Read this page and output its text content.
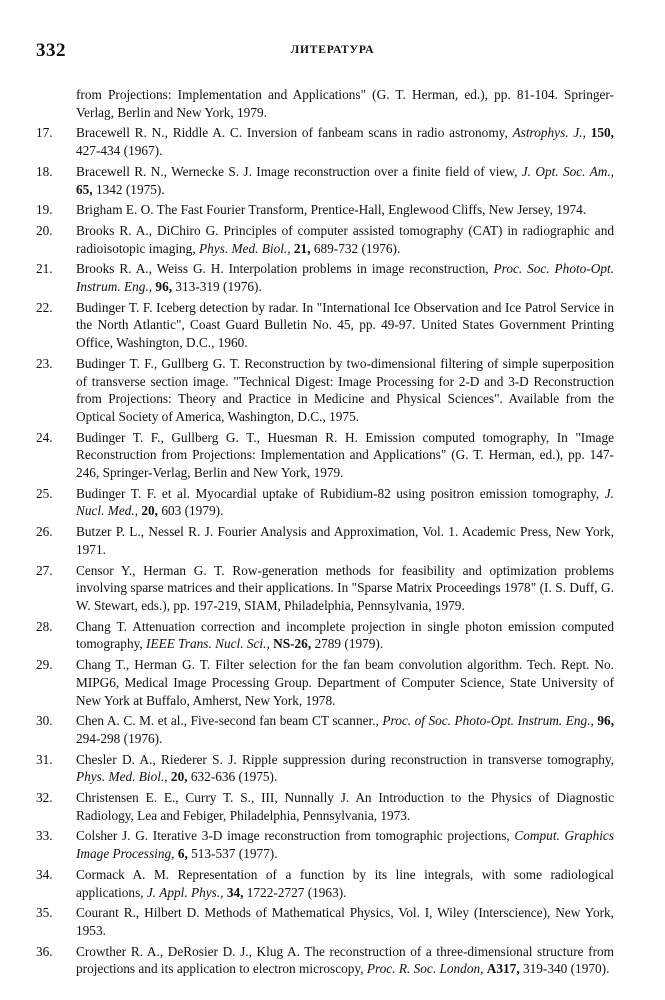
332	ЛИТЕРАТУРА
from Projections: Implementation and Applications" (G. T. Herman, ed.), pp. 81-104. Springer-Verlag, Berlin and New York, 1979.
17.	Bracewell R. N., Riddle A. C. Inversion of fanbeam scans in radio astronomy, Astrophys. J., 150, 427-434 (1967).
18.	Bracewell R. N., Wernecke S. J. Image reconstruction over a finite field of view, J. Opt. Soc. Am., 65, 1342 (1975).
19.	Brigham E. O. The Fast Fourier Transform, Prentice-Hall, Englewood Cliffs, New Jersey, 1974.
20.	Brooks R. A., DiChiro G. Principles of computer assisted tomography (CAT) in radiographic and radioisotopic imaging, Phys. Med. Biol., 21, 689-732 (1976).
21.	Brooks R. A., Weiss G. H. Interpolation problems in image reconstruction, Proc. Soc. Photo-Opt. Instrum. Eng., 96, 313-319 (1976).
22.	Budinger T. F. Iceberg detection by radar. In "International Ice Observation and Ice Patrol Service in the North Atlantic", Coast Guard Bulletin No. 45, pp. 49-97. United States Government Printing Office, Washington, D.C., 1960.
23.	Budinger T. F., Gullberg G. T. Reconstruction by two-dimensional filtering of simple superposition of transverse section image. "Technical Digest: Image Processing for 2-D and 3-D Reconstruction from Projections: Theory and Practice in Medicine and Physical Sciences". Available from the Optical Society of America, Washington, D.C., 1975.
24.	Budinger T. F., Gullberg G. T., Huesman R. H. Emission computed tomography, In "Image Reconstruction from Projections: Implementation and Applications" (G. T. Herman, ed.), pp. 147-246, Springer-Verlag, Berlin and New York, 1979.
25.	Budinger T. F. et al. Myocardial uptake of Rubidium-82 using positron emission tomography, J. Nucl. Med., 20, 603 (1979).
26.	Butzer P. L., Nessel R. J. Fourier Analysis and Approximation, Vol. 1. Academic Press, New York, 1971.
27.	Censor Y., Herman G. T. Row-generation methods for feasibility and optimization problems involving sparse matrices and their applications. In "Sparse Matrix Proceedings 1978" (I. S. Duff, G. W. Stewart, eds.), pp. 197-219, SIAM, Philadelphia, Pennsylvania, 1979.
28.	Chang T. Attenuation correction and incomplete projection in single photon emission computed tomography, IEEE Trans. Nucl. Sci., NS-26, 2789 (1979).
29.	Chang T., Herman G. T. Filter selection for the fan beam convolution algorithm. Tech. Rept. No. MIPG6, Medical Image Processing Group. Department of Computer Science, State University of New York at Buffalo, Amherst, New York, 1978.
30.	Chen A. C. M. et al., Five-second fan beam CT scanner., Proc. of Soc. Photo-Opt. Instrum. Eng., 96, 294-298 (1976).
31.	Chesler D. A., Riederer S. J. Ripple suppression during reconstruction in transverse tomography, Phys. Med. Biol., 20, 632-636 (1975).
32.	Christensen E. E., Curry T. S., III, Nunnally J. An Introduction to the Physics of Diagnostic Radiology, Lea and Febiger, Philadelphia, Pennsylvania, 1973.
33.	Colsher J. G. Iterative 3-D image reconstruction from tomographic projections, Comput. Graphics Image Processing, 6, 513-537 (1977).
34.	Cormack A. M. Representation of a function by its line integrals, with some radiological applications, J. Appl. Phys., 34, 1722-2727 (1963).
35.	Courant R., Hilbert D. Methods of Mathematical Physics, Vol. I, Wiley (Interscience), New York, 1953.
36.	Crowther R. A., DeRosier D. J., Klug A. The reconstruction of a three-dimensional structure from projections and its application to electron microscopy, Proc. R. Soc. London, A317, 319-340 (1970).
